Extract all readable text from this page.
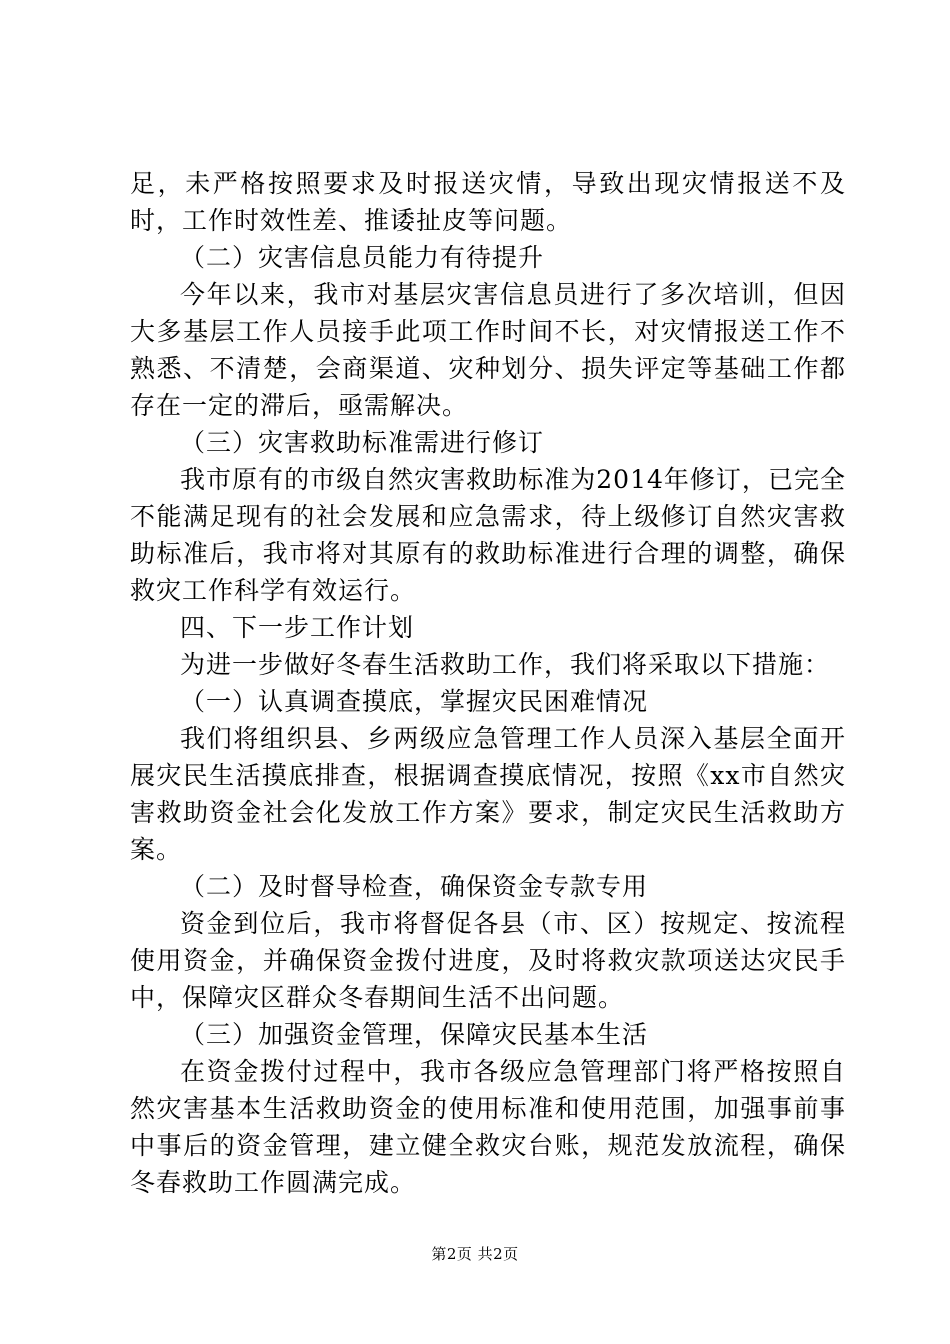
足，未严格按照要求及时报送灾情，导致出现灾情报送不及时，工作时效性差、推诿扯皮等问题。

（二）灾害信息员能力有待提升

今年以来，我市对基层灾害信息员进行了多次培训，但因大多基层工作人员接手此项工作时间不长，对灾情报送工作不熟悉、不清楚，会商渠道、灾种划分、损失评定等基础工作都存在一定的滞后，亟需解决。

（三）灾害救助标准需进行修订

我市原有的市级自然灾害救助标准为2014年修订，已完全不能满足现有的社会发展和应急需求，待上级修订自然灾害救助标准后，我市将对其原有的救助标准进行合理的调整，确保救灾工作科学有效运行。

四、下一步工作计划

为进一步做好冬春生活救助工作，我们将采取以下措施：

（一）认真调查摸底，掌握灾民困难情况

我们将组织县、乡两级应急管理工作人员深入基层全面开展灾民生活摸底排查，根据调查摸底情况，按照《xx市自然灾害救助资金社会化发放工作方案》要求，制定灾民生活救助方案。

（二）及时督导检查，确保资金专款专用

资金到位后，我市将督促各县（市、区）按规定、按流程使用资金，并确保资金拨付进度，及时将救灾款项送达灾民手中，保障灾区群众冬春期间生活不出问题。

（三）加强资金管理，保障灾民基本生活

在资金拨付过程中，我市各级应急管理部门将严格按照自然灾害基本生活救助资金的使用标准和使用范围，加强事前事中事后的资金管理，建立健全救灾台账，规范发放流程，确保冬春救助工作圆满完成。

第2页 共2页
